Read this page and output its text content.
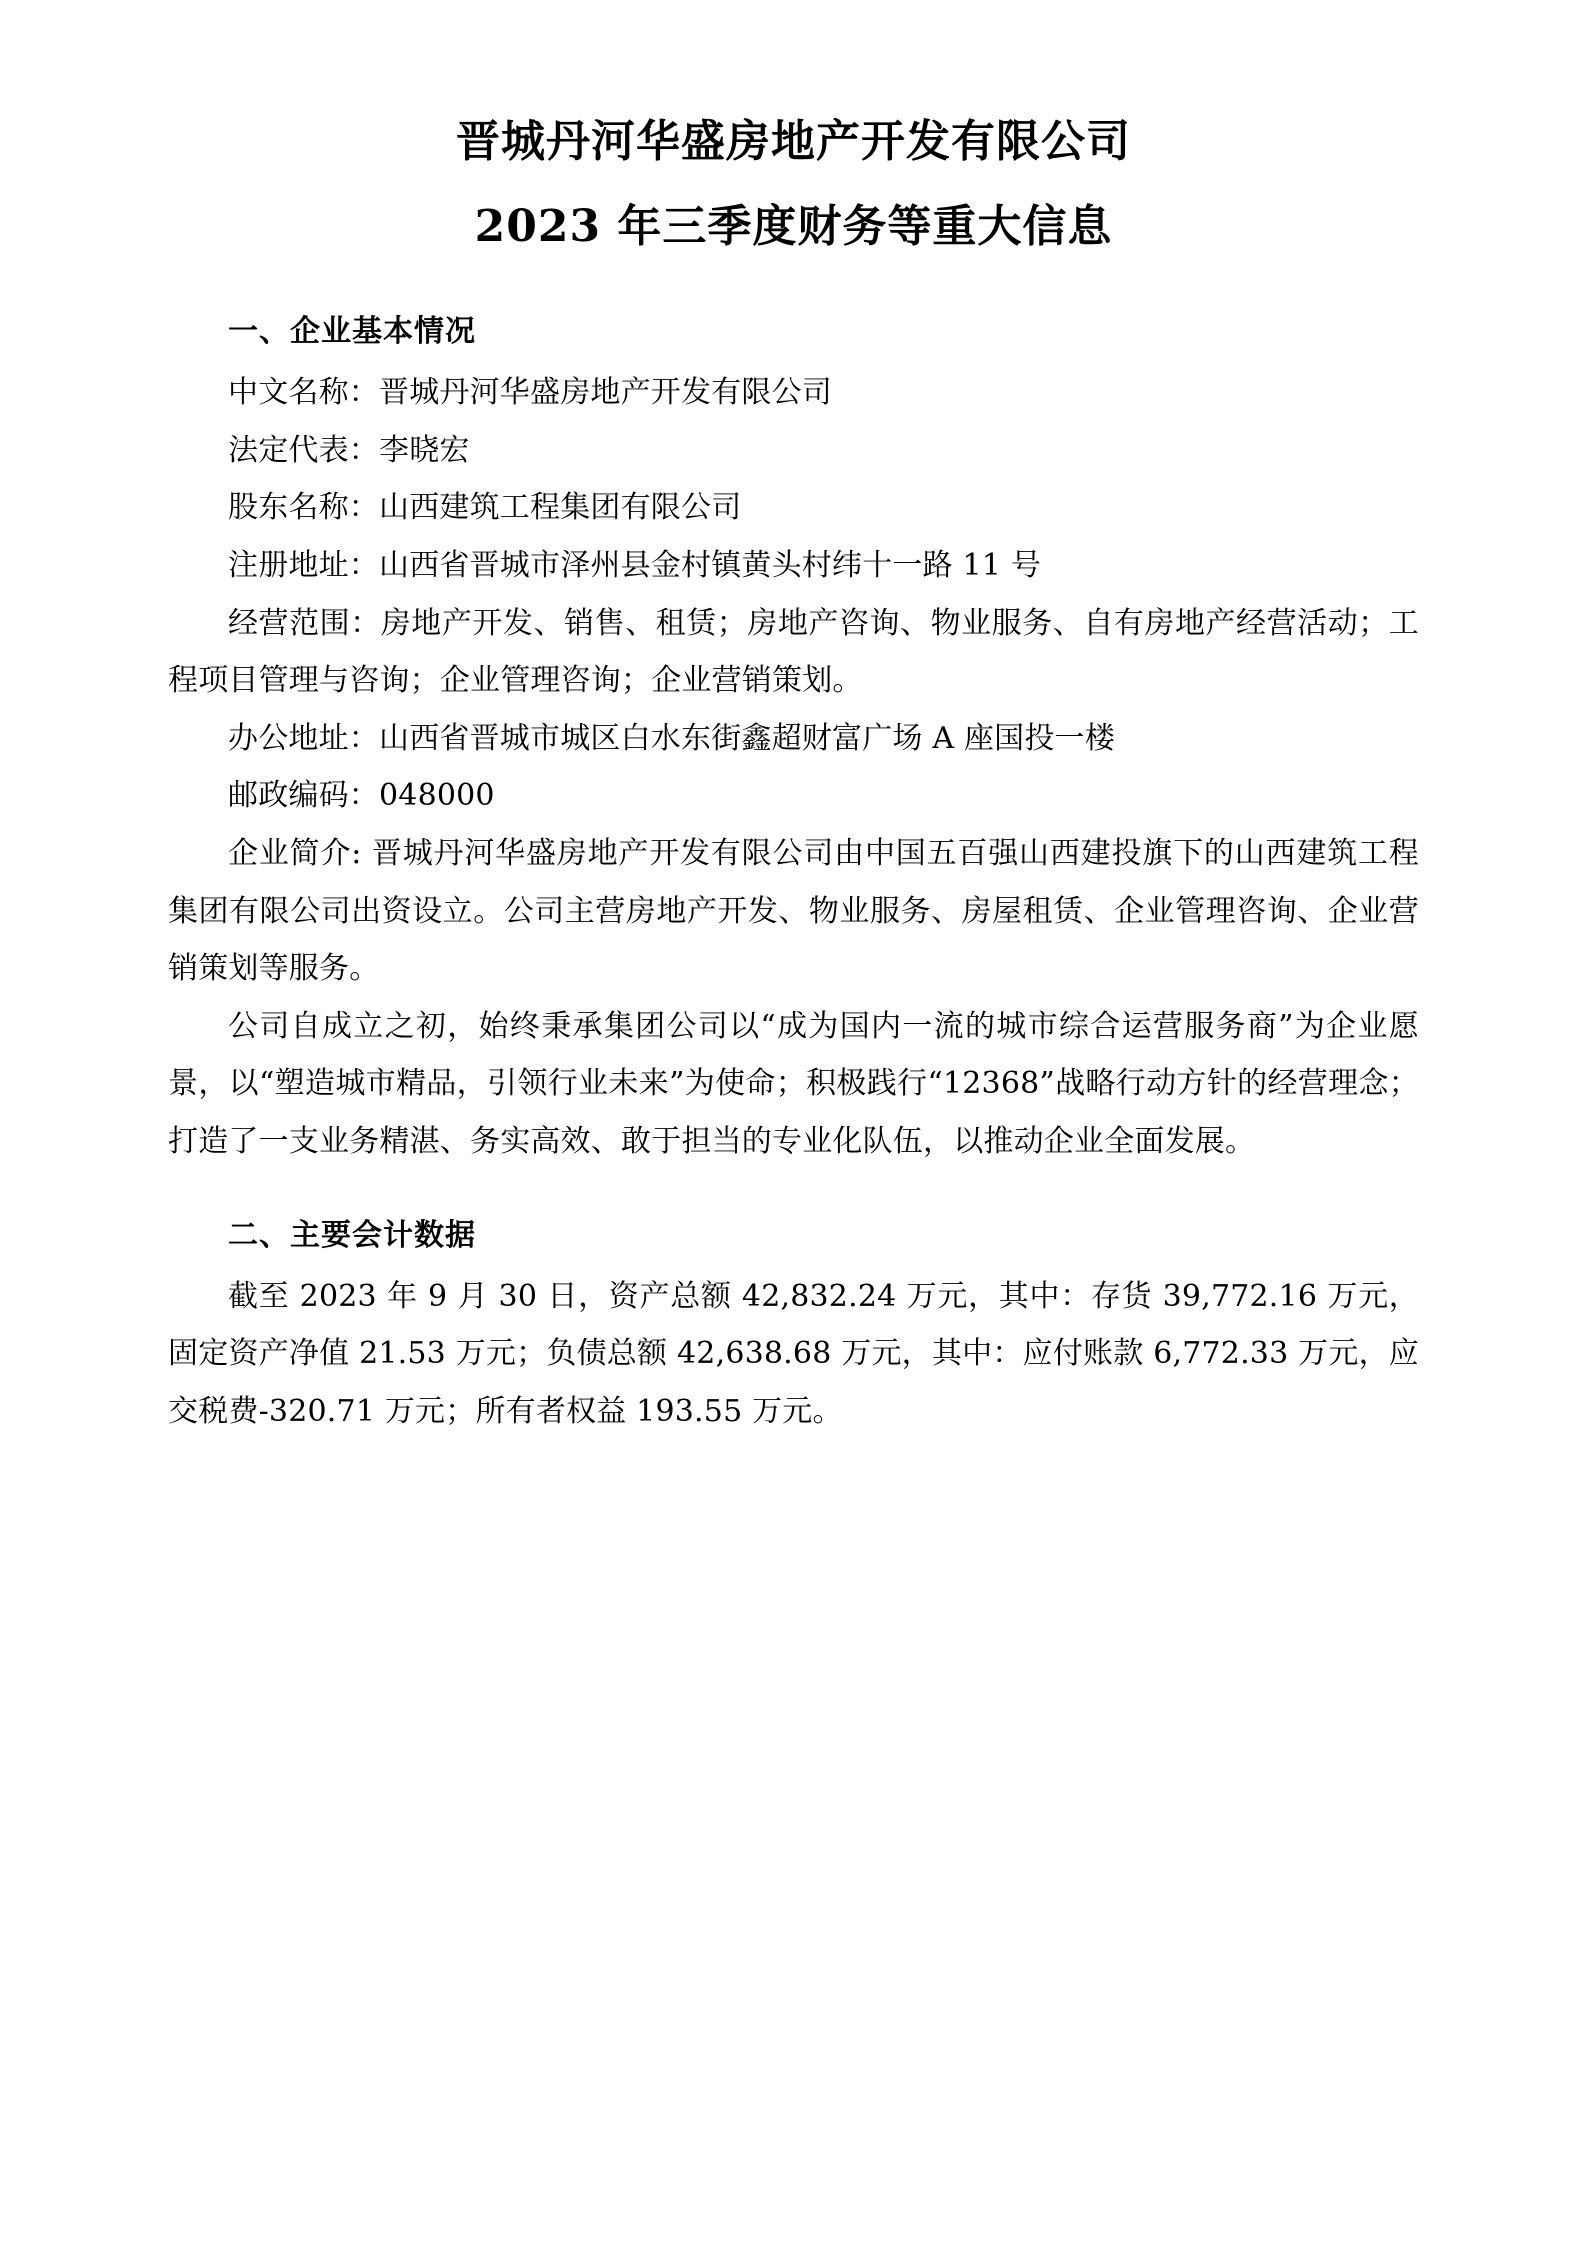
晋城丹河华盛房地产开发有限公司
2023 年三季度财务等重大信息
一、企业基本情况

中文名称：晋城丹河华盛房地产开发有限公司

法定代表：李晓宏

股东名称：山西建筑工程集团有限公司

注册地址：山西省晋城市泽州县金村镇黄头村纬十一路 11 号

经营范围：房地产开发、销售、租赁；房地产咨询、物业服务、自有房地产经营活动；工程项目管理与咨询；企业管理咨询；企业营销策划。

办公地址：山西省晋城市城区白水东街鑫超财富广场 A 座国投一楼

邮政编码：048000

企业简介: 晋城丹河华盛房地产开发有限公司由中国五百强山西建投旗下的山西建筑工程集团有限公司出资设立。公司主营房地产开发、物业服务、房屋租赁、企业管理咨询、企业营销策划等服务。

公司自成立之初，始终秉承集团公司以“成为国内一流的城市综合运营服务商”为企业愿景，以“塑造城市精品，引领行业未来”为使命；积极践行“12368”战略行动方针的经营理念；打造了一支业务精湛、务实高效、敢于担当的专业化队伍，以推动企业全面发展。

二、主要会计数据

截至 2023 年 9 月 30 日，资产总额 42,832.24 万元，其中：存货 39,772.16 万元，固定资产净值 21.53 万元；负债总额 42,638.68 万元，其中：应付账款 6,772.33 万元，应交税费-320.71 万元；所有者权益 193.55 万元。
